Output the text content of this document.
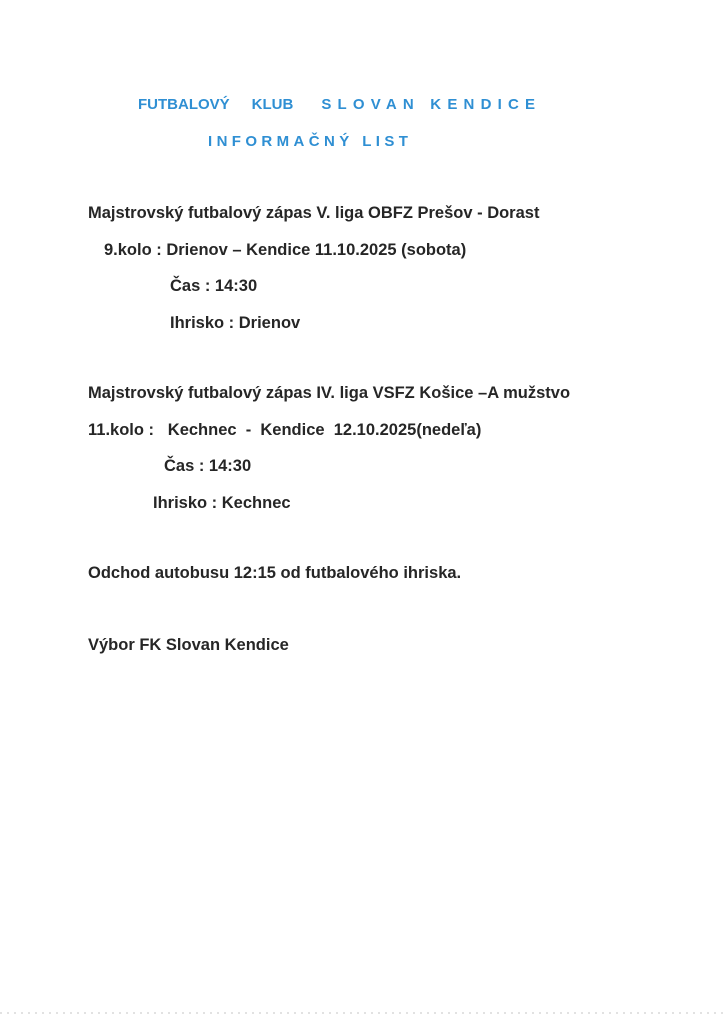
FUTBALOVÝ KLUB SLOVAN KENDICE
INFORMAČNÝ LIST
Majstrovský futbalový zápas V. liga OBFZ Prešov - Dorast
9.kolo : Drienov – Kendice 11.10.2025 (sobota)
Čas : 14:30
Ihrisko : Drienov
Majstrovský futbalový zápas IV. liga VSFZ Košice –A mužstvo
11.kolo :   Kechnec  -  Kendice  12.10.2025(nedeľa)
Čas : 14:30
Ihrisko : Kechnec
Odchod autobusu 12:15 od futbalového ihriska.
Výbor FK Slovan Kendice
